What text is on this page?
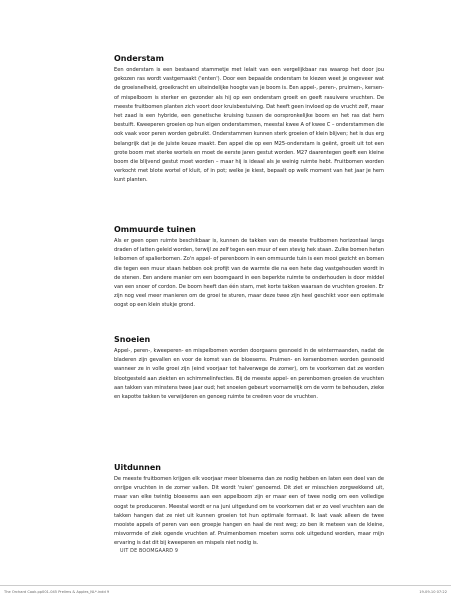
Onderstam

Een onderstam is een bestaand stammetje met lelait van een vergelijkbaar ras waarop het door jou gekozen ras wordt vastgemaakt ('enten'). Door een bepaalde onderstam te kiezen weet je ongeveer wat de groeisnelheid, groeikracht en uiteindelijke hoogte van je boom is. Een appel-, peren-, pruimen-, kersen- of mispelboom is sterker en gezonder als hij op een onderstam groeit en geeft rasuivere vruchten. De meeste fruitbomen planten zich voort door kruisbestuiving. Dat heeft geen invloed op de vrucht zelf, maar het zaad is een hybride, een genetische kruising tussen de oorspronkelijke boom en het ras dat hem bestuift. Kweeperen groeien op hun eigen onderstammen, meestal kwee A of kwee C – onderstammen die ook vaak voor peren worden gebruikt. Onderstammen kunnen sterk groeien of klein blijven; het is dus erg belangrijk dat je de juiste keuze maakt. Een appel die op een M25-onderstam is geënt, groeit uit tot een grote boom met sterke wortels en moet de eerste jaren gestut worden. M27 daarentegen geeft een kleine boom die blijvend gestut moet worden – maar hij is ideaal als je weinig ruimte hebt. Fruitbomen worden verkocht met blote wortel of kluit, of in pot; welke je kiest, bepaalt op welk moment van het jaar je hem kunt planten.

Ommuurde tuinen

Als er geen open ruimte beschikbaar is, kunnen de takken van de meeste fruitbomen horizontaal langs draden of latten geleid worden, terwijl ze zelf tegen een muur of een stevig hek staan. Zulke bomen heten leibomen of spalierbomen. Zo'n appel- of perenboom in een ommuurde tuin is een mooi gezicht en bomen die tegen een muur staan hebben ook profijt van de warmte die na een hete dag vastgehouden wordt in de stenen. Een andere manier om een boomgaard in een beperkte ruimte te onderhouden is door middel van een snoer of cordon. De boom heeft dan één stam, met korte takken waarsan de vruchten groeien. Er zijn nog veel meer manieren om de groei te sturen, maar deze twee zijn heel geschikt voor een optimale oogst op een klein stukje grond.

Snoeien

Appel-, peren-, kweeperen- en mispelbomen worden doorgaans gesnoeid in de wintermaanden, nadat de bladeren zijn gevallen en voor de komst van de bloesems. Pruimen- en kersenbomen worden gesnoeid wanneer ze in volle groei zijn (eind voorjaar tot halverwege de zomer), om te voorkomen dat ze worden blootgesteld aan ziekten en schimmelinfecties. Bij de meeste appel- en perenbomen groeien de vruchten aan takken van minstens twee jaar oud; het snoeien gebeurt voornamelijk om de vorm te behouden, zieke en kapotte takken te verwijderen en genoeg ruimte te creëren voor de vruchten.

Uitdunnen

De meeste fruitbomen krijgen elk voorjaar meer bloesems dan ze nodig hebben en laten een deel van de onrijpe vruchten in de zomer vallen. Dit wordt 'ruien' genoemd. Dit ziet er misschien zorgwekkend uit, maar van elke twintig bloesems aan een appelboom zijn er maar een of twee nodig om een volledige oogst te produceren. Meestal wordt er na juni uitgedund om te voorkomen dat er zo veel vruchten aan de takken hangen dat ze niet uit kunnen groeien tot hun optimale formaat. Ik laat vaak alleen de twee mooiste appels of peren van een groepje hangen en haal de rest weg; zo ben ik meteen van de kleine, misvormde of ziek ogende vruchten af. Pruimenbomen moeten soms ook uitgedund worden, maar mijn ervaring is dat dit bij kweeperen en mispels niet nodig is.

UIT DE BOOMGAARD 9
The Orchard Cook.pp001-045 Prelims & Apples_NL*.indd 9	19-09-10 07:22
